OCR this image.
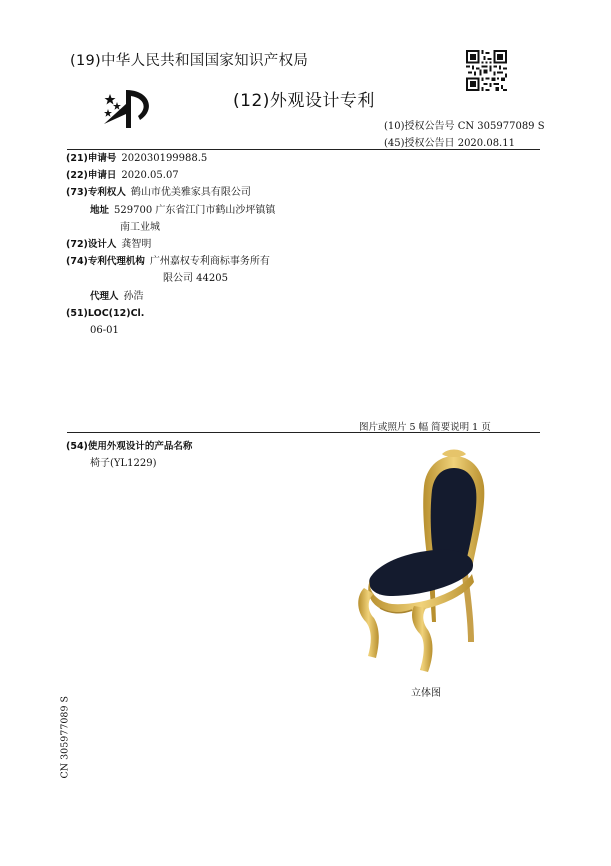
(19)中华人民共和国国家知识产权局
(12)外观设计专利
(10)授权公告号 CN 305977089 S
(45)授权公告日 2020.08.11
(21)申请号 202030199988.5
(22)申请日 2020.05.07
(73)专利权人 鹤山市优美雅家具有限公司
地址 529700 广东省江门市鹤山沙坪镇镇
南工业城
(72)设计人 龚智明
(74)专利代理机构 广州嘉权专利商标事务所有
限公司 44205
代理人 孙浩
(51)LOC(12)Cl.
06-01
图片或照片 5 幅 简要说明 1 页
(54)使用外观设计的产品名称
椅子(YL1229)
立体图
CN 305977089 S
